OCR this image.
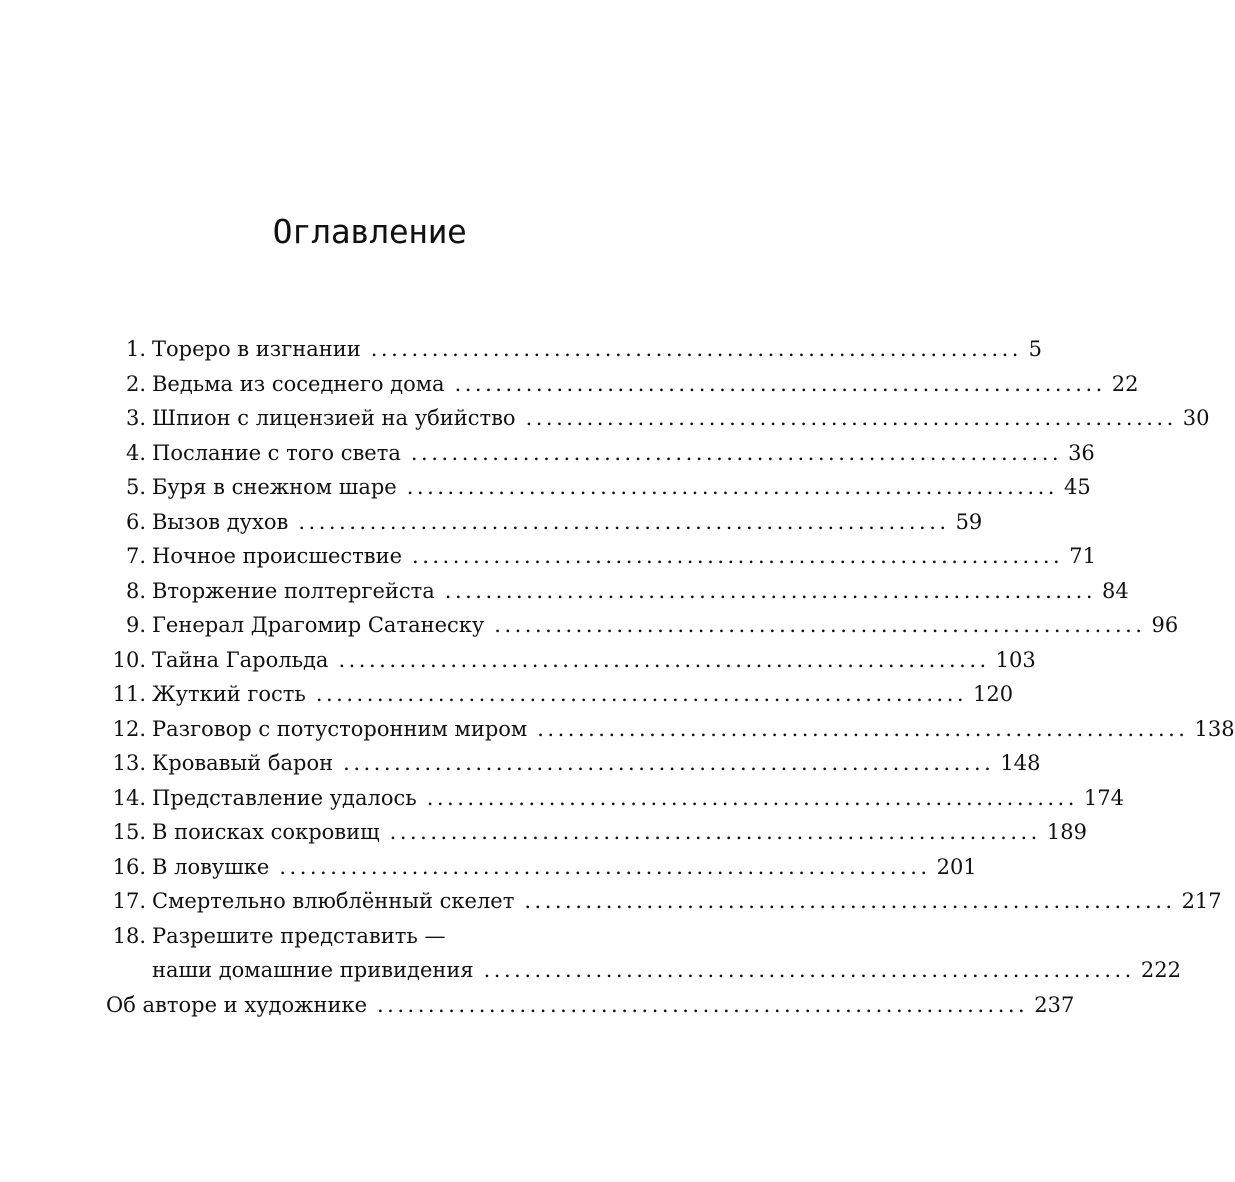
Оглавление
1. Тореро в изгнании ................................................................ 5
2. Ведьма из соседнего дома ................................................................ 22
3. Шпион с лицензией на убийство ................................................................ 30
4. Послание с того света ................................................................ 36
5. Буря в снежном шаре ................................................................ 45
6. Вызов духов ................................................................ 59
7. Ночное происшествие ................................................................ 71
8. Вторжение полтергейста ................................................................ 84
9. Генерал Драгомир Сатанеску ................................................................ 96
10. Тайна Гарольда ................................................................ 103
11. Жуткий гость ................................................................ 120
12. Разговор с потусторонним миром ................................................................ 138
13. Кровавый барон ................................................................ 148
14. Представление удалось ................................................................ 174
15. В поисках сокровищ ................................................................ 189
16. В ловушке ................................................................ 201
17. Смертельно влюблённый скелет ................................................................ 217
18. Разрешите представить —
наши домашние привидения ................................................................ 222
Об авторе и художнике ................................................................ 237
